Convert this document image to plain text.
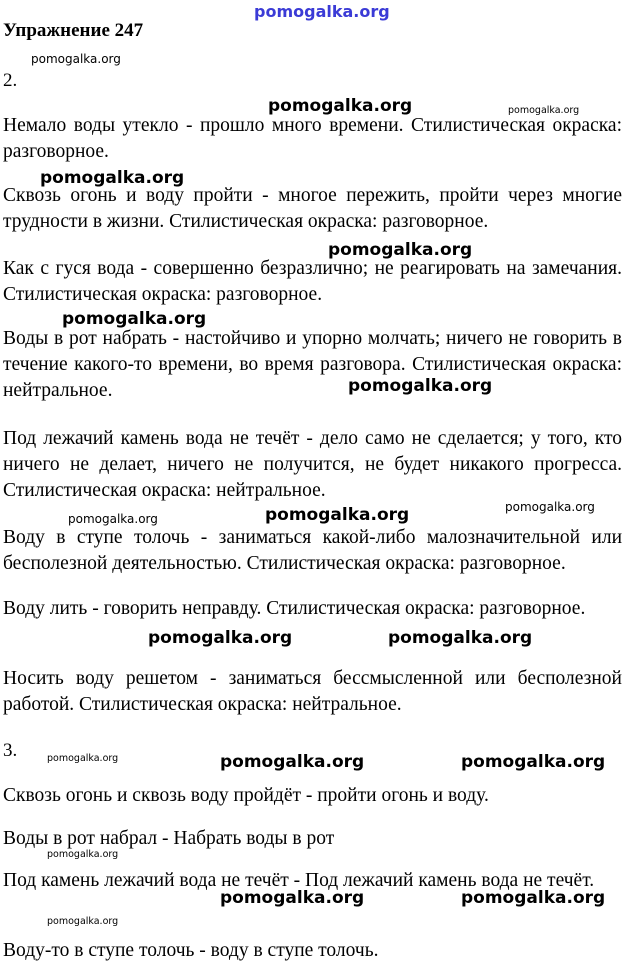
pomogalka.org
Упражнение 247
2.

Немало воды утекло - прошло много времени. Стилистическая окраска: разговорное.

Сквозь огонь и воду пройти - многое пережить, пройти через многие трудности в жизни. Стилистическая окраска: разговорное.

Как с гуся вода - совершенно безразлично; не реагировать на замечания. Стилистическая окраска: разговорное.

Воды в рот набрать - настойчиво и упорно молчать; ничего не говорить в течение какого-то времени, во время разговора. Стилистическая окраска: нейтральное.

Под лежачий камень вода не течёт - дело само не сделается; у того, кто ничего не делает, ничего не получится, не будет никакого прогресса. Стилистическая окраска: нейтральное.

Воду в ступе толочь - заниматься какой-либо малозначительной или бесполезной деятельностью. Стилистическая окраска: разговорное.

Воду лить - говорить неправду. Стилистическая окраска: разговорное.

Носить воду решетом - заниматься бессмысленной или бесполезной работой. Стилистическая окраска: нейтральное.

3.

Сквозь огонь и сквозь воду пройдёт - пройти огонь и воду.

Воды в рот набрал - Набрать воды в рот

Под камень лежачий вода не течёт - Под лежачий камень вода не течёт.

Воду-то в ступе толочь - воду в ступе толочь.

pomogalka.org
pomogalka.org	pomogalka.org
pomogalka.org
pomogalka.org
pomogalka.org
pomogalka.org
pomogalka.org
pomogalka.org	pomogalka.org
pomogalka.org	pomogalka.org
pomogalka.org	pomogalka.org	pomogalka.org
pomogalka.org
pomogalka.org	pomogalka.org
pomogalka.org
